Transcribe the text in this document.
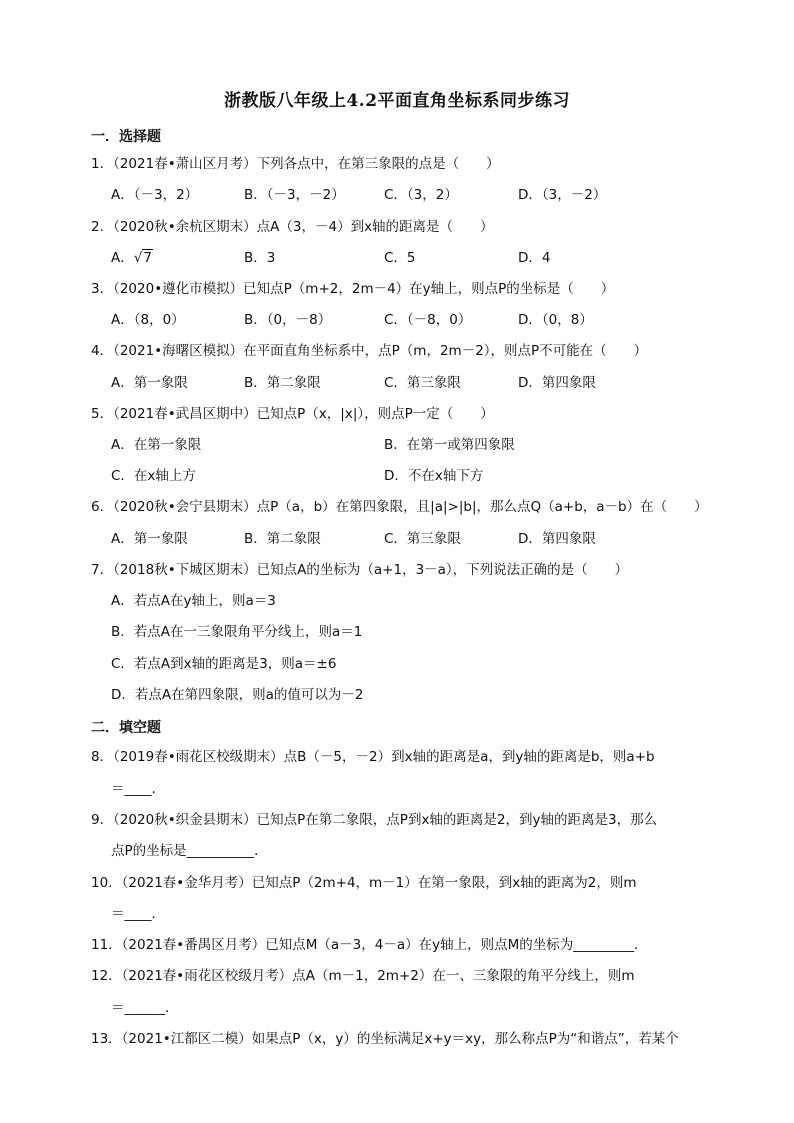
浙教版八年级上4.2平面直角坐标系同步练习
一．选择题
1．（2021春•萧山区月考）下列各点中，在第三象限的点是（　　）
A．（－3，2）	B．（－3，－2）	C．（3，2）	D．（3，－2）
2．（2020秋•余杭区期末）点A（3，－4）到x轴的距离是（　　）
A．√7	B．3	C．5	D．4
3．（2020•遵化市模拟）已知点P（m+2，2m－4）在y轴上，则点P的坐标是（　　）
A．（8，0）	B．（0，－8）	C．（－8，0）	D．（0，8）
4．（2021•海曙区模拟）在平面直角坐标系中，点P（m，2m－2），则点P不可能在（　　）
A．第一象限	B．第二象限	C．第三象限	D．第四象限
5．（2021春•武昌区期中）已知点P（x，|x|），则点P一定（　　）
A．在第一象限	B．在第一或第四象限
C．在x轴上方	D．不在x轴下方
6．（2020秋•会宁县期末）点P（a，b）在第四象限，且|a|>|b|，那么点Q（a+b，a－b）在（　　）
A．第一象限	B．第二象限	C．第三象限	D．第四象限
7．（2018秋•下城区期末）已知点A的坐标为（a+1，3－a），下列说法正确的是（　　）
A．若点A在y轴上，则a＝3
B．若点A在一三象限角平分线上，则a＝1
C．若点A到x轴的距离是3，则a＝±6
D．若点A在第四象限，则a的值可以为－2
二．填空题
8．（2019春•雨花区校级期末）点B（－5，－2）到x轴的距离是a，到y轴的距离是b，则a+b
＝____．
9．（2020秋•织金县期末）已知点P在第二象限，点P到x轴的距离是2，到y轴的距离是3，那么
点P的坐标是__________．
10．（2021春•金华月考）已知点P（2m+4，m－1）在第一象限，到x轴的距离为2，则m
＝____．
11．（2021春•番禺区月考）已知点M（a－3，4－a）在y轴上，则点M的坐标为_________．
12．（2021春•雨花区校级月考）点A（m－1，2m+2）在一、三象限的角平分线上，则m
＝______．
13．（2021•江都区二模）如果点P（x，y）的坐标满足x+y＝xy，那么称点P为“和谐点”，若某个
